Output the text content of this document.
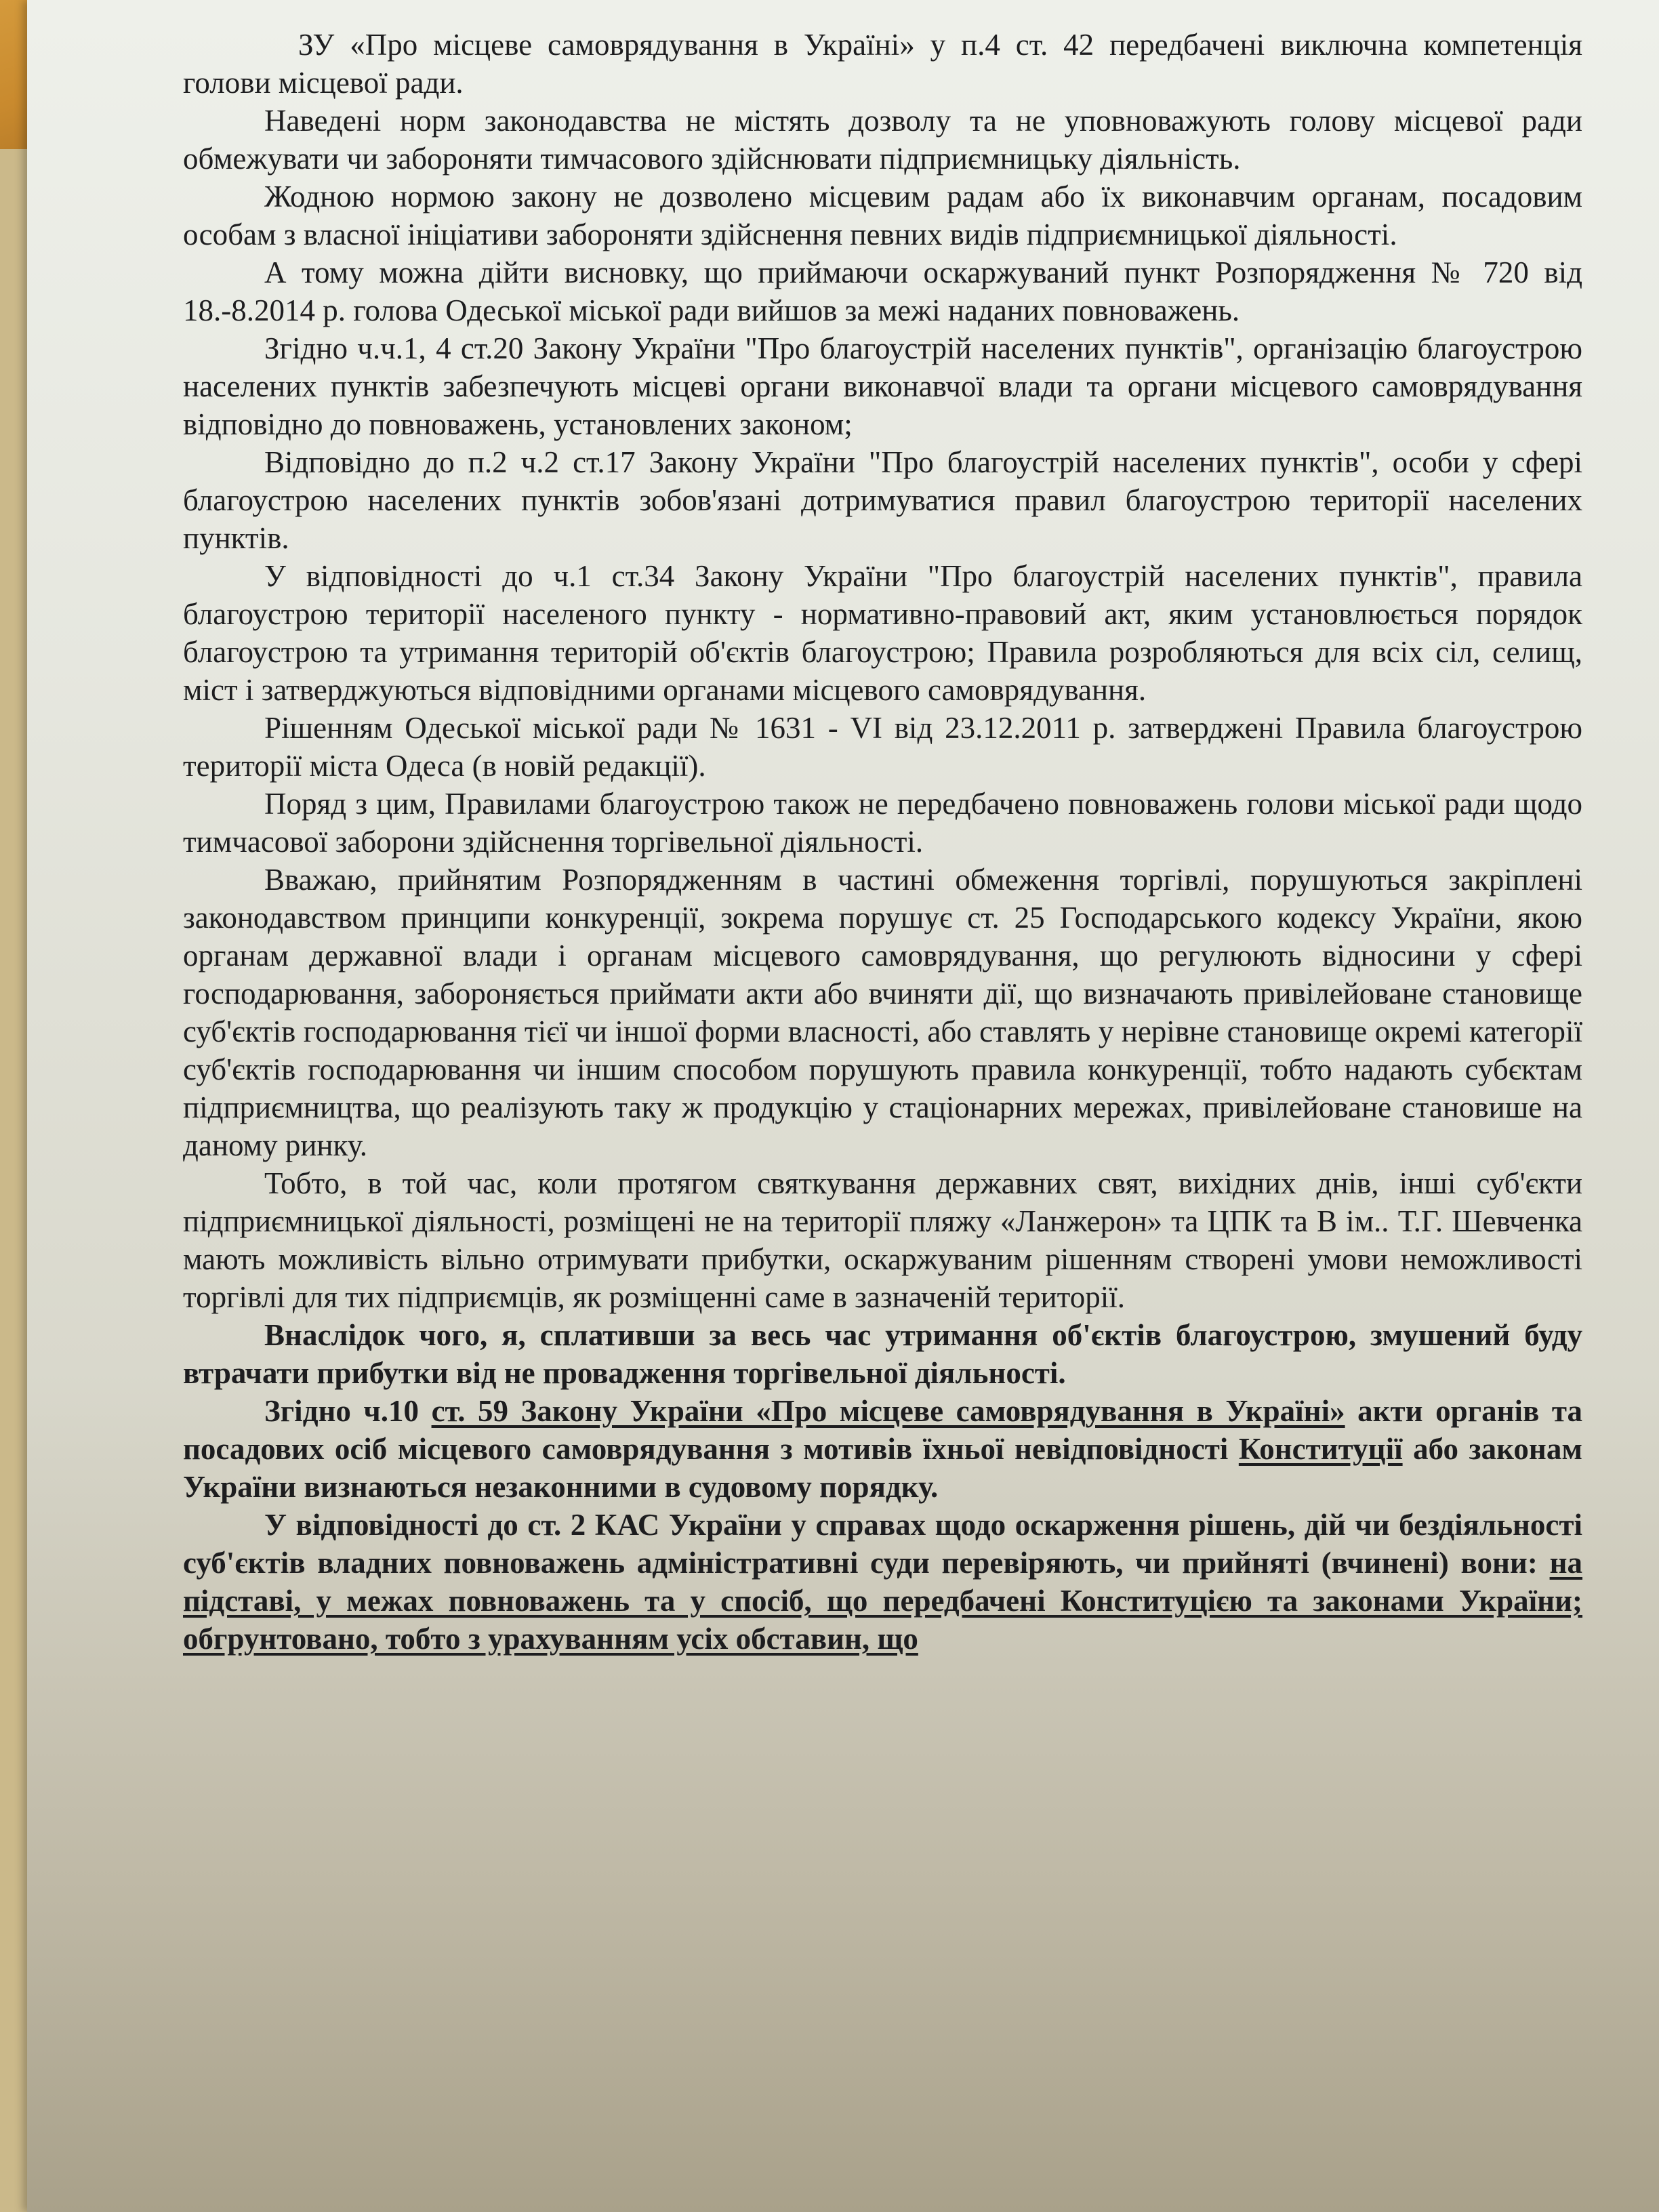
ЗУ «Про місцеве самоврядування в Україні» у п.4 ст. 42 передбачені виключна компетенція голови місцевої ради.

Наведені норм законодавства не містять дозволу та не уповноважують голову місцевої ради обмежувати чи забороняти тимчасового здійснювати підприємницьку діяльність.

Жодною нормою закону не дозволено місцевим радам або їх виконавчим органам, посадовим особам з власної ініціативи забороняти здійснення певних видів підприємницької діяльності.

А тому можна дійти висновку, що приймаючи оскаржуваний пункт Розпорядження № 720 від 18.-8.2014 р. голова Одеської міської ради вийшов за межі наданих повноважень.

Згідно ч.ч.1, 4 ст.20 Закону України "Про благоустрій населених пунктів", організацію благоустрою населених пунктів забезпечують місцеві органи виконавчої влади та органи місцевого самоврядування відповідно до повноважень, установлених законом;

Відповідно до п.2 ч.2 ст.17 Закону України "Про благоустрій населених пунктів", особи у сфері благоустрою населених пунктів зобов'язані дотримуватися правил благоустрою території населених пунктів.

У відповідності до ч.1 ст.34 Закону України "Про благоустрій населених пунктів", правила благоустрою території населеного пункту - нормативно-правовий акт, яким установлюється порядок благоустрою та утримання територій об'єктів благоустрою; Правила розробляються для всіх сіл, селищ, міст і затверджуються відповідними органами місцевого самоврядування.

Рішенням Одеської міської ради № 1631 - VI від 23.12.2011 р. затверджені Правила благоустрою території міста Одеса (в новій редакції).

Поряд з цим, Правилами благоустрою також не передбачено повноважень голови міської ради щодо тимчасової заборони здійснення торгівельної діяльності.

Вважаю, прийнятим Розпорядженням в частині обмеження торгівлі, порушуються закріплені законодавством принципи конкуренції, зокрема порушує ст. 25 Господарського кодексу України, якою органам державної влади і органам місцевого самоврядування, що регулюють відносини у сфері господарювання, забороняється приймати акти або вчиняти дії, що визначають привілейоване становище суб'єктів господарювання тієї чи іншої форми власності, або ставлять у нерівне становище окремі категорії суб'єктів господарювання чи іншим способом порушують правила конкуренції, тобто надають субєктам підприємництва, що реалізують таку ж продукцію у стаціонарних мережах, привілейоване становише на даному ринку.

Тобто, в той час, коли протягом святкування державних свят, вихідних днів, інші суб'єкти підприємницької діяльності, розміщені не на території пляжу «Ланжерон» та ЦПК та В ім.. Т.Г. Шевченка мають можливість вільно отримувати прибутки, оскаржуваним рішенням створені умови неможливості торгівлі для тих підприємців, як розміщенні саме в зазначеній території.

Внаслідок чого, я, сплативши за весь час утримання об'єктів благоустрою, змушений буду втрачати прибутки від не провадження торгівельної діяльності.

Згідно ч.10 ст. 59 Закону України «Про місцеве самоврядування в Україні» акти органів та посадових осіб місцевого самоврядування з мотивів їхньої невідповідності Конституції або законам України визнаються незаконними в судовому порядку.

У відповідності до ст. 2 КАС України у справах щодо оскарження рішень, дій чи бездіяльності суб'єктів владних повноважень адміністративні суди перевіряють, чи прийняті (вчинені) вони: на підставі, у межах повноважень та у спосіб, що передбачені Конституцією та законами України; обгрунтовано, тобто з урахуванням усіх обставин, що
